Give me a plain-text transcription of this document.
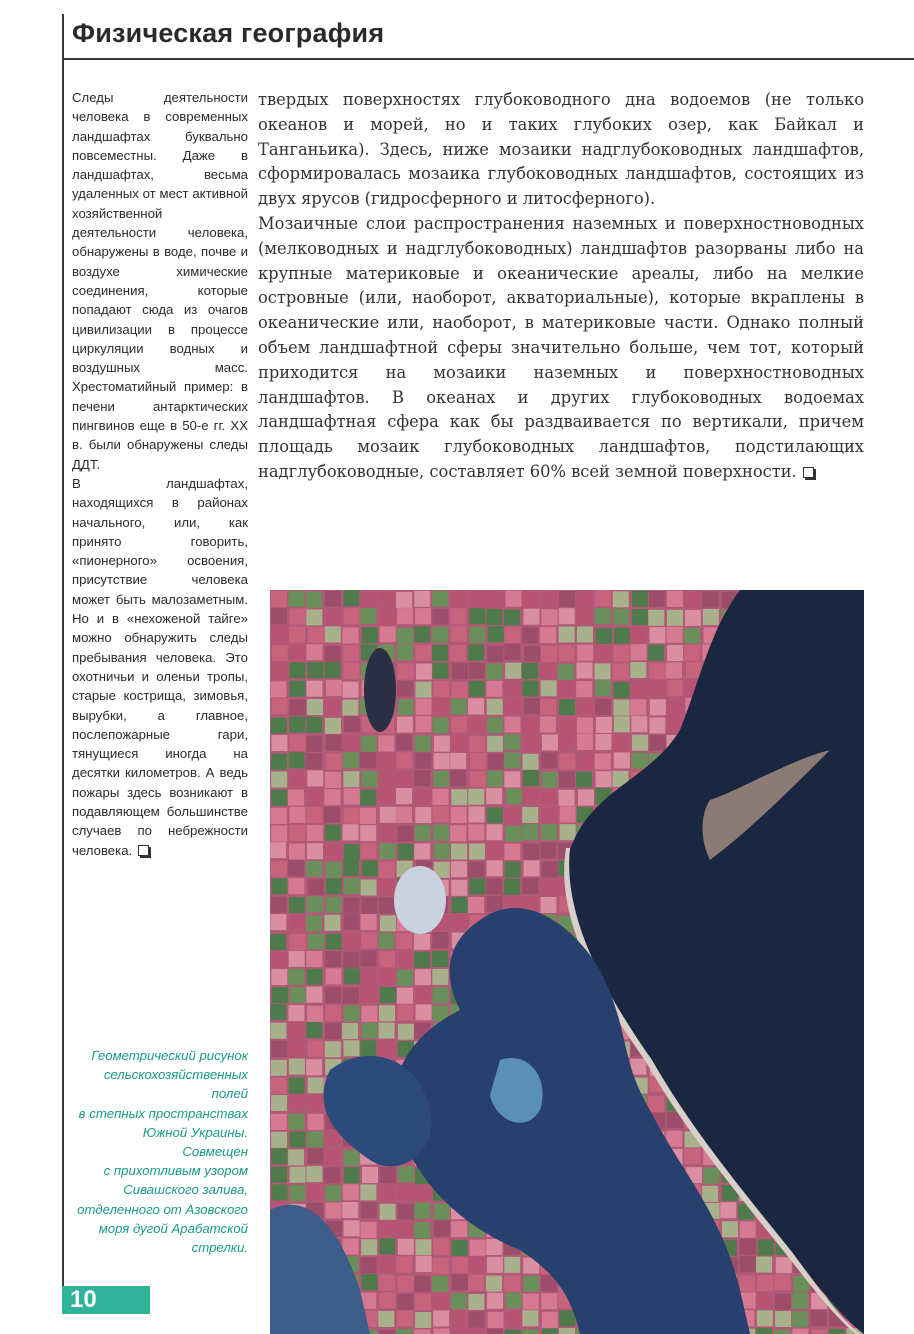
Физическая география

Следы деятельности человека в современных ландшафтах буквально повсеместны. Даже в ландшафтах, весьма удаленных от мест активной хозяйственной деятельности человека, обнаружены в воде, почве и воздухе химические соединения, которые попадают сюда из очагов цивилизации в процессе циркуляции водных и воздушных масс. Хрестоматийный пример: в печени антарктических пингвинов еще в 50-е гг. XX в. были обнаружены следы ДДТ.

В ландшафтах, находящихся в районах начального, или, как принято говорить, «пионерного» освоения, присутствие человека может быть малозаметным. Но и в «нехоженой тайге» можно обнаружить следы пребывания человека. Это охотничьи и оленьи тропы, старые кострища, зимовья, вырубки, а главное, послепожарные гари, тянущиеся иногда на десятки километров. А ведь пожары здесь возникают в подавляющем большинстве случаев по небрежности человека.

твердых поверхностях глубоководного дна водоемов (не только океанов и морей, но и таких глубоких озер, как Байкал и Танганьика). Здесь, ниже мозаики надглубоководных ландшафтов, сформировалась мозаика глубоководных ландшафтов, состоящих из двух ярусов (гидросферного и литосферного).

Мозаичные слои распространения наземных и поверхностноводных (мелководных и надглубоководных) ландшафтов разорваны либо на крупные материковые и океанические ареалы, либо на мелкие островные (или, наоборот, акваториальные), которые вкраплены в океанические или, наоборот, в материковые части. Однако полный объем ландшафтной сферы значительно больше, чем тот, который приходится на мозаики наземных и поверхностноводных ландшафтов. В океанах и других глубоководных водоемах ландшафтная сфера как бы раздваивается по вертикали, причем площадь мозаик глубоководных ландшафтов, подстилающих надглубоководные, составляет 60% всей земной поверхности.

Геометрический рисунок
сельскохозяйственных
полей
в степных пространствах
Южной Украины.
Совмещен
с прихотливым узором
Сивашского залива,
отделенного от Азовского
моря дугой Арабатской
стрелки.
10
